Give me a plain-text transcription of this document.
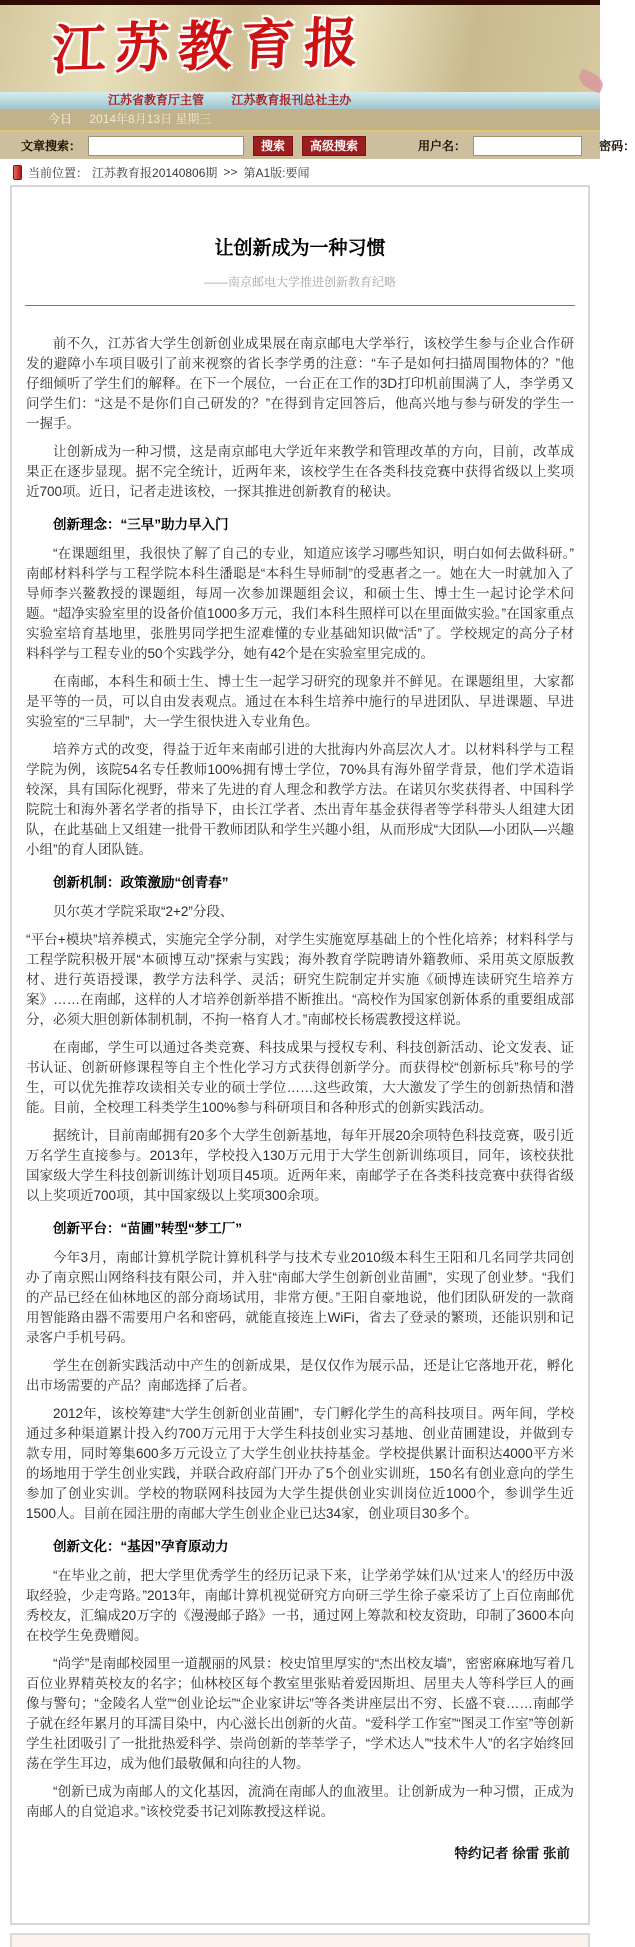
江苏教育报
江苏省教育厅主管 江苏教育报刊总社主办
今日 2014年8月13日 星期三
文章搜索：	搜索	高级搜索	用户名：	密码：
当前位置： 江苏教育报20140806期 >> 第A1版:要闻
让创新成为一种习惯
——南京邮电大学推进创新教育纪略
前不久，江苏省大学生创新创业成果展在南京邮电大学举行，该校学生参与企业合作研发的避障小车项目吸引了前来视察的省长李学勇的注意：“车子是如何扫描周围物体的？”他仔细倾听了学生们的解释。在下一个展位，一台正在工作的3D打印机前围满了人，李学勇又问学生们：“这是不是你们自己研发的？”在得到肯定回答后，他高兴地与参与研发的学生一一握手。
让创新成为一种习惯，这是南京邮电大学近年来教学和管理改革的方向，目前，改革成果正在逐步显现。据不完全统计，近两年来，该校学生在各类科技竞赛中获得省级以上奖项近700项。近日，记者走进该校，一探其推进创新教育的秘诀。
创新理念：“三早”助力早入门
“在课题组里，我很快了解了自己的专业，知道应该学习哪些知识，明白如何去做科研。”南邮材料科学与工程学院本科生潘聪是“本科生导师制”的受惠者之一。她在大一时就加入了导师李兴鳌教授的课题组，每周一次参加课题组会议，和硕士生、博士生一起讨论学术问题。“超净实验室里的设备价值1000多万元，我们本科生照样可以在里面做实验。”在国家重点实验室培育基地里，张胜男同学把生涩难懂的专业基础知识做“活”了。学校规定的高分子材料科学与工程专业的50个实践学分，她有42个是在实验室里完成的。
在南邮，本科生和硕士生、博士生一起学习研究的现象并不鲜见。在课题组里，大家都是平等的一员，可以自由发表观点。通过在本科生培养中施行的早进团队、早进课题、早进实验室的“三早制”，大一学生很快进入专业角色。
培养方式的改变，得益于近年来南邮引进的大批海内外高层次人才。以材料科学与工程学院为例，该院54名专任教师100%拥有博士学位，70%具有海外留学背景，他们学术造诣较深，具有国际化视野，带来了先进的育人理念和教学方法。在诺贝尔奖获得者、中国科学院院士和海外著名学者的指导下，由长江学者、杰出青年基金获得者等学科带头人组建大团队，在此基础上又组建一批骨干教师团队和学生兴趣小组，从而形成“大团队—小团队—兴趣小组”的育人团队链。
创新机制：政策激励“创青春”
贝尔英才学院采取“2+2”分段、
“平台+模块”培养模式，实施完全学分制，对学生实施宽厚基础上的个性化培养；材料科学与工程学院积极开展“本硕博互动”探索与实践；海外教育学院聘请外籍教师、采用英文原版教材、进行英语授课，教学方法科学、灵活；研究生院制定并实施《硕博连读研究生培养方案》……在南邮，这样的人才培养创新举措不断推出。“高校作为国家创新体系的重要组成部分，必须大胆创新体制机制，不拘一格育人才。”南邮校长杨震教授这样说。
在南邮，学生可以通过各类竞赛、科技成果与授权专利、科技创新活动、论文发表、证书认证、创新研修课程等自主个性化学习方式获得创新学分。而获得校“创新标兵”称号的学生，可以优先推荐攻读相关专业的硕士学位……这些政策，大大激发了学生的创新热情和潜能。目前，全校理工科类学生100%参与科研项目和各种形式的创新实践活动。
据统计，目前南邮拥有20多个大学生创新基地，每年开展20余项特色科技竞赛，吸引近万名学生直接参与。2013年，学校投入130万元用于大学生创新训练项目，同年，该校获批国家级大学生科技创新训练计划项目45项。近两年来，南邮学子在各类科技竞赛中获得省级以上奖项近700项，其中国家级以上奖项300余项。
创新平台：“苗圃”转型“梦工厂”
今年3月，南邮计算机学院计算机科学与技术专业2010级本科生王阳和几名同学共同创办了南京熙山网络科技有限公司，并入驻“南邮大学生创新创业苗圃”，实现了创业梦。“我们的产品已经在仙林地区的部分商场试用，非常方便。”王阳自豪地说，他们团队研发的一款商用智能路由器不需要用户名和密码，就能直接连上WiFi，省去了登录的繁琐，还能识别和记录客户手机号码。
学生在创新实践活动中产生的创新成果，是仅仅作为展示品，还是让它落地开花，孵化出市场需要的产品？南邮选择了后者。
2012年，该校筹建“大学生创新创业苗圃”，专门孵化学生的高科技项目。两年间，学校通过多种渠道累计投入约700万元用于大学生科技创业实习基地、创业苗圃建设，并做到专款专用，同时筹集600多万元设立了大学生创业扶持基金。学校提供累计面积达4000平方米的场地用于学生创业实践，并联合政府部门开办了5个创业实训班，150名有创业意向的学生参加了创业实训。学校的物联网科技园为大学生提供创业实训岗位近1000个，参训学生近1500人。目前在园注册的南邮大学生创业企业已达34家，创业项目30多个。
创新文化：“基因”孕育原动力
“在毕业之前，把大学里优秀学生的经历记录下来，让学弟学妹们从‘过来人’的经历中汲取经验，少走弯路。”2013年，南邮计算机视觉研究方向研三学生徐子豪采访了上百位南邮优秀校友，汇编成20万字的《漫漫邮子路》一书，通过网上筹款和校友资助，印制了3600本向在校学生免费赠阅。
“尚学”是南邮校园里一道靓丽的风景：校史馆里厚实的“杰出校友墙”，密密麻麻地写着几百位业界精英校友的名字；仙林校区每个教室里张贴着爱因斯坦、居里夫人等科学巨人的画像与警句；“金陵名人堂”“创业论坛”“企业家讲坛”等各类讲座层出不穷、长盛不衰……南邮学子就在经年累月的耳濡目染中，内心滋长出创新的火苗。“爱科学工作室”“图灵工作室”等创新学生社团吸引了一批批热爱科学、崇尚创新的莘莘学子，“学术达人”“技术牛人”的名字始终回荡在学生耳边，成为他们最敬佩和向往的人物。
“创新已成为南邮人的文化基因，流淌在南邮人的血液里。让创新成为一种习惯，正成为南邮人的自觉追求。”该校党委书记刘陈教授这样说。
特约记者 徐雷 张前
